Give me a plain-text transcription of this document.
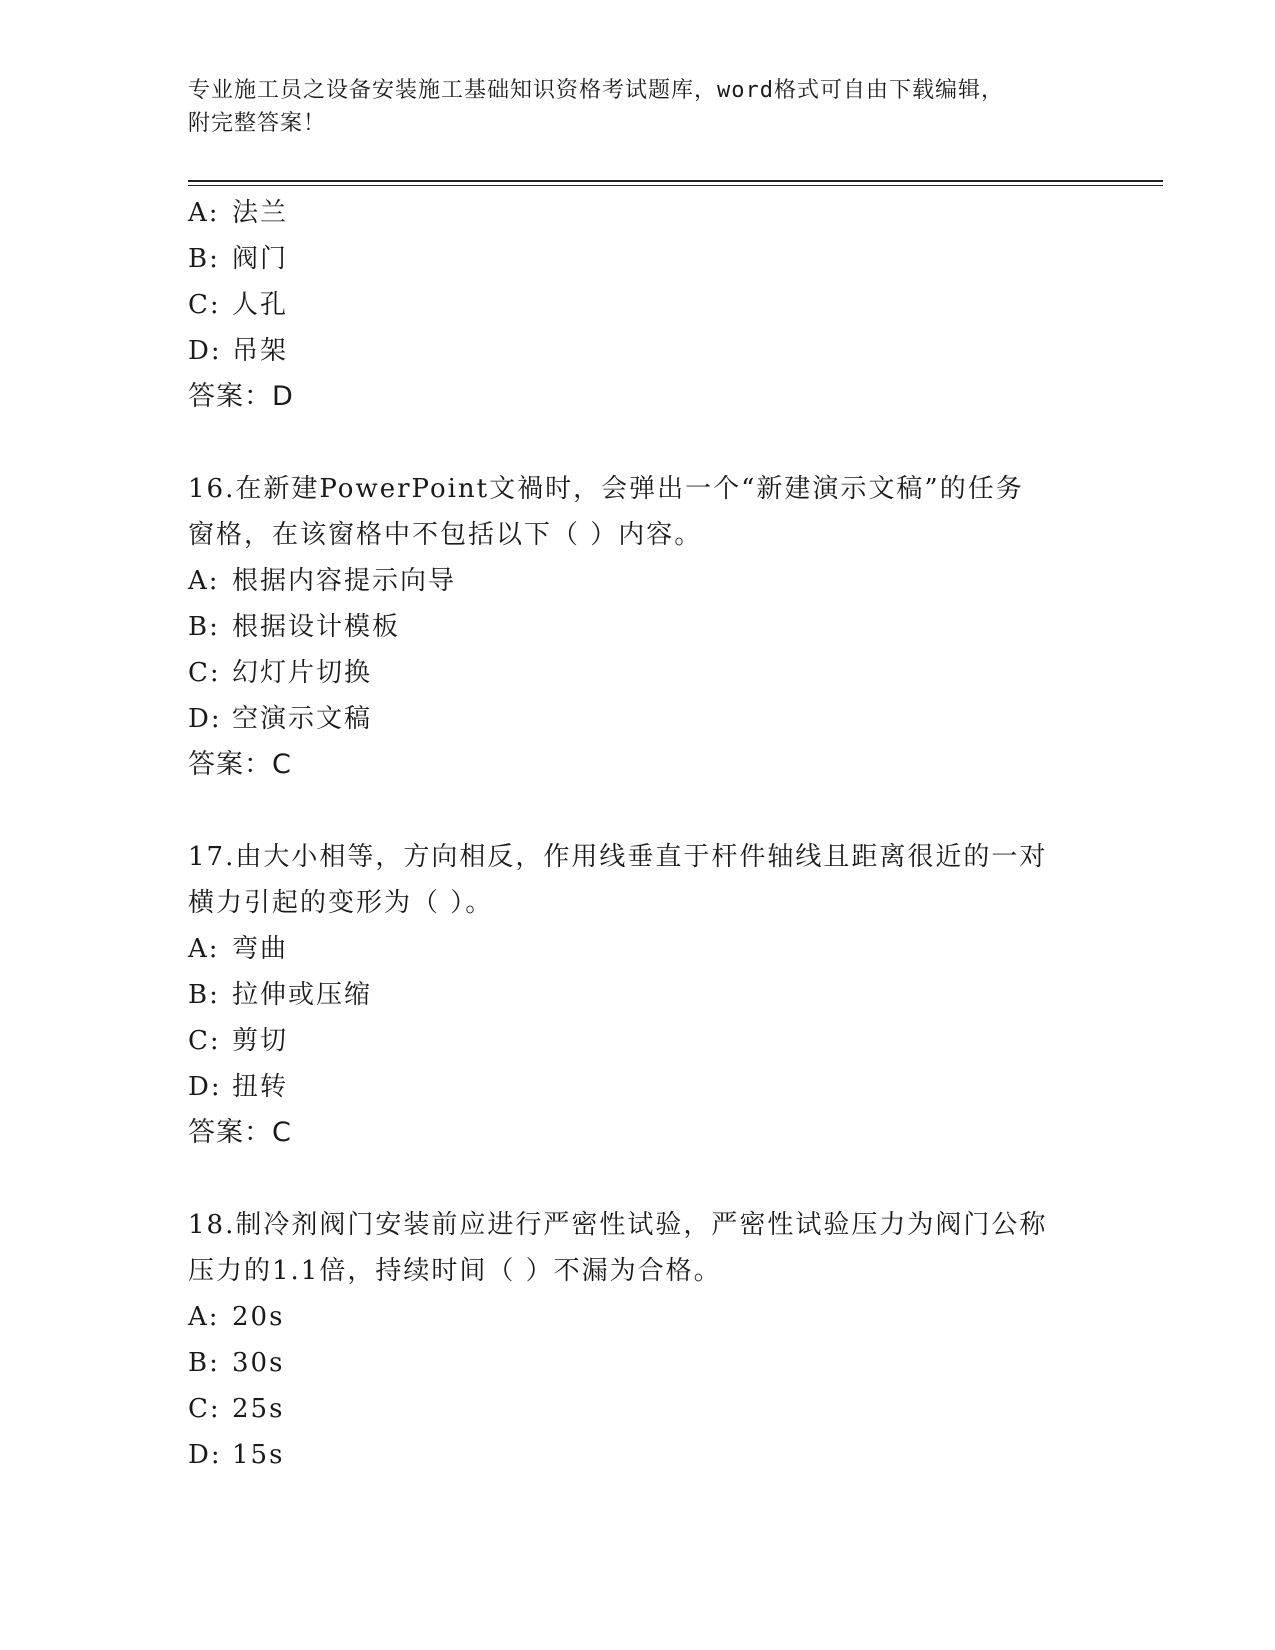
专业施工员之设备安装施工基础知识资格考试题库，word格式可自由下载编辑，
附完整答案！
A: 法兰
B: 阀门
C: 人孔
D: 吊架
答案：D
16.在新建PowerPoint文禍时，会弹出一个“新建演示文稿”的任务
窗格，在该窗格中不包括以下（ ）内容。
A: 根据内容提示向导
B: 根据设计模板
C: 幻灯片切换
D: 空演示文稿
答案：C
17.由大小相等，方向相反，作用线垂直于杆件轴线且距离很近的一对
横力引起的变形为（ ）。
A: 弯曲
B: 拉伸或压缩
C: 剪切
D: 扭转
答案：C
18.制冷剂阀门安装前应进行严密性试验，严密性试验压力为阀门公称
压力的1.1倍，持续时间（ ）不漏为合格。
A: 20s
B: 30s
C: 25s
D: 15s
